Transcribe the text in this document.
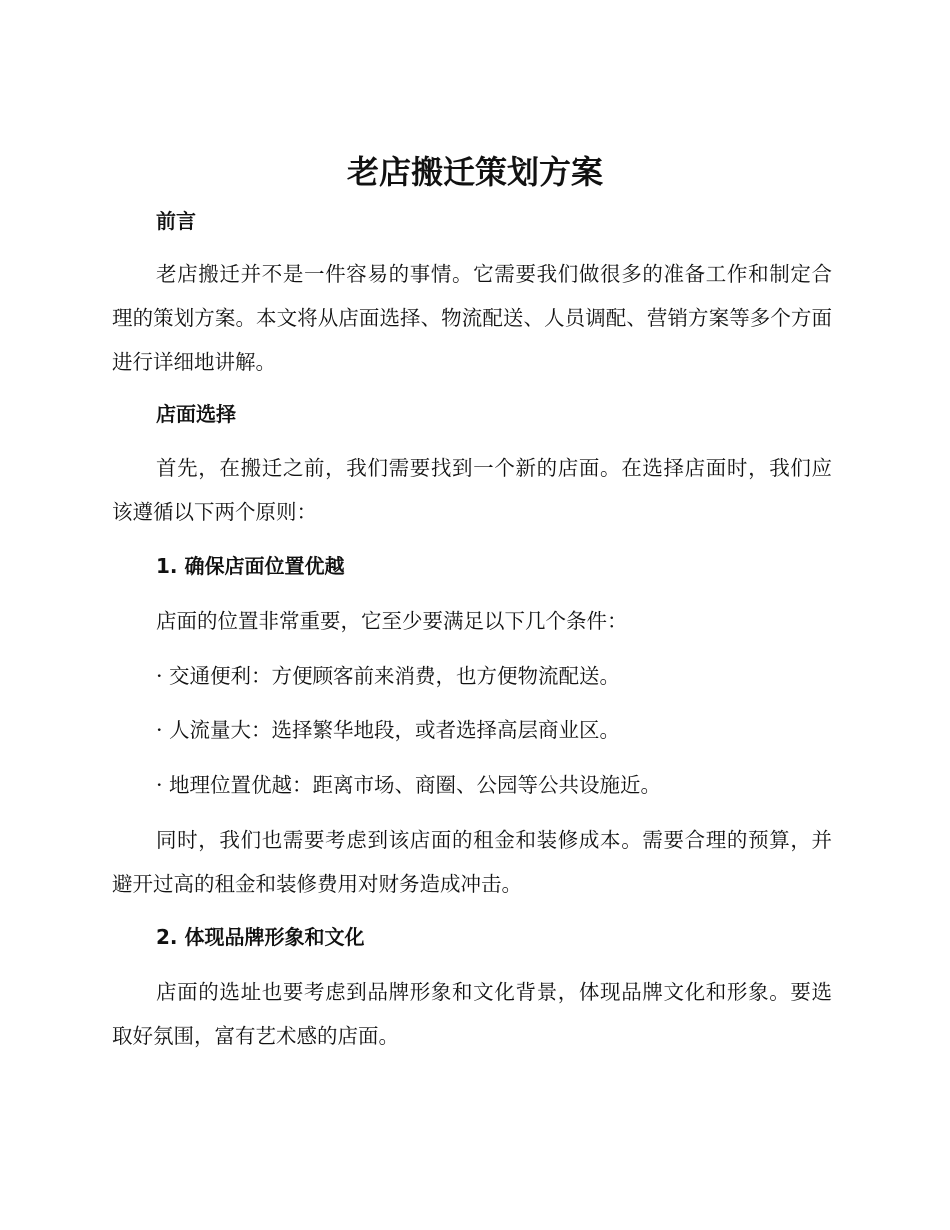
老店搬迁策划方案
前言

老店搬迁并不是一件容易的事情。它需要我们做很多的准备工作和制定合理的策划方案。本文将从店面选择、物流配送、人员调配、营销方案等多个方面进行详细地讲解。

店面选择

首先，在搬迁之前，我们需要找到一个新的店面。在选择店面时，我们应该遵循以下两个原则：

1. 确保店面位置优越
店面的位置非常重要，它至少要满足以下几个条件：
· 交通便利：方便顾客前来消费，也方便物流配送。
· 人流量大：选择繁华地段，或者选择高层商业区。
· 地理位置优越：距离市场、商圈、公园等公共设施近。

同时，我们也需要考虑到该店面的租金和装修成本。需要合理的预算，并避开过高的租金和装修费用对财务造成冲击。

2. 体现品牌形象和文化

店面的选址也要考虑到品牌形象和文化背景，体现品牌文化和形象。要选取好氛围，富有艺术感的店面。
